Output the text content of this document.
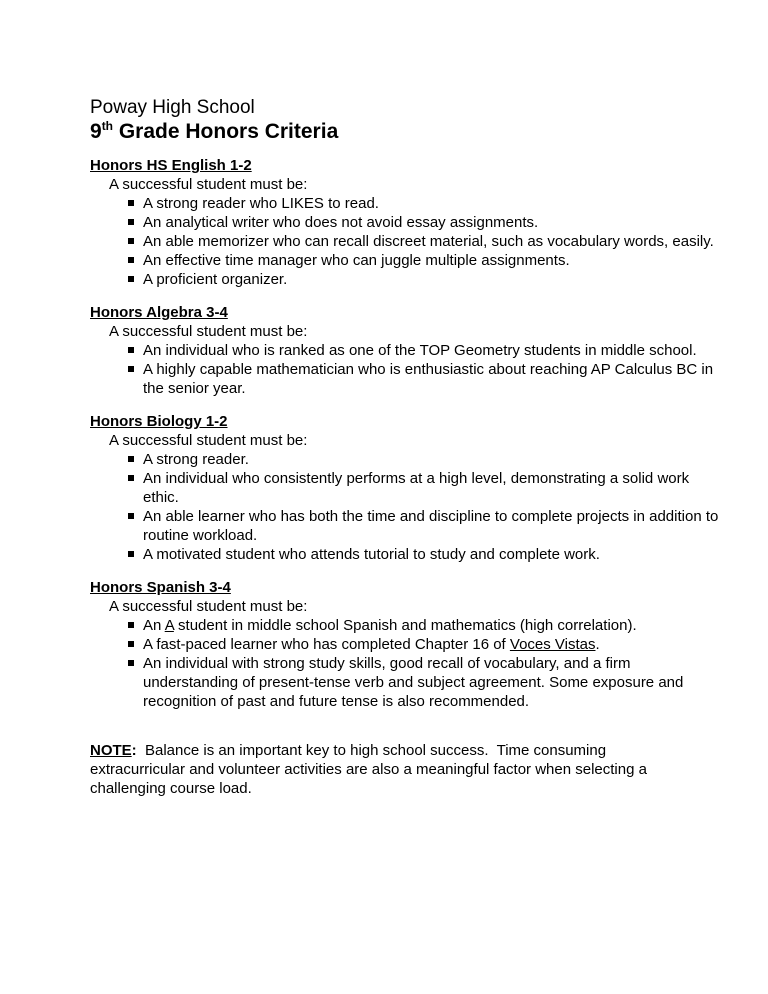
Poway High School
9th Grade Honors Criteria
Honors HS English 1-2
A successful student must be:
A strong reader who LIKES to read.
An analytical writer who does not avoid essay assignments.
An able memorizer who can recall discreet material, such as vocabulary words, easily.
An effective time manager who can juggle multiple assignments.
A proficient organizer.
Honors Algebra 3-4
A successful student must be:
An individual who is ranked as one of the TOP Geometry students in middle school.
A highly capable mathematician who is enthusiastic about reaching AP Calculus BC in the senior year.
Honors Biology 1-2
A successful student must be:
A strong reader.
An individual who consistently performs at a high level, demonstrating a solid work ethic.
An able learner who has both the time and discipline to complete projects in addition to routine workload.
A motivated student who attends tutorial to study and complete work.
Honors Spanish 3-4
A successful student must be:
An A student in middle school Spanish and mathematics (high correlation).
A fast-paced learner who has completed Chapter 16 of Voces Vistas.
An individual with strong study skills, good recall of vocabulary, and a firm understanding of present-tense verb and subject agreement. Some exposure and recognition of past and future tense is also recommended.
NOTE:  Balance is an important key to high school success.  Time consuming extracurricular and volunteer activities are also a meaningful factor when selecting a challenging course load.
